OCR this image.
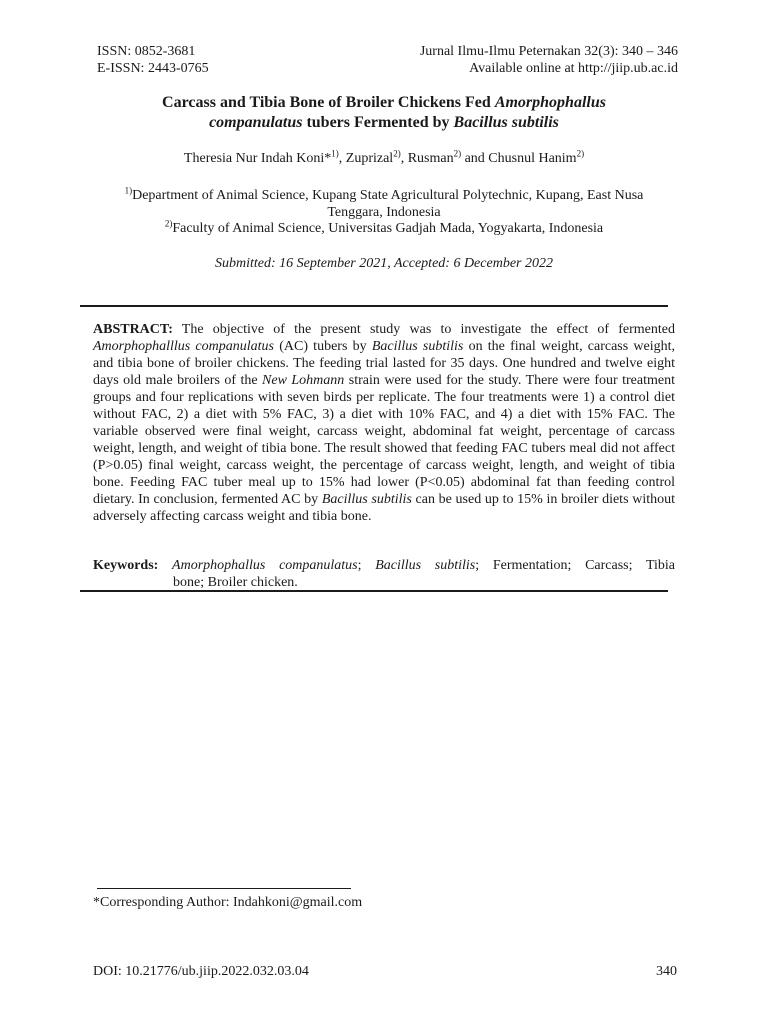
ISSN: 0852-3681
E-ISSN: 2443-0765
Jurnal Ilmu-Ilmu Peternakan 32(3): 340 – 346
Available online at http://jiip.ub.ac.id
Carcass and Tibia Bone of Broiler Chickens Fed Amorphophallus
companulatus tubers Fermented by Bacillus subtilis
Theresia Nur Indah Koni*$^{1)}$, Zuprizal$^{2)}$, Rusman$^{2)}$ and Chusnul Hanim$^{2)}$
$^{1)}$Department of Animal Science, Kupang State Agricultural Polytechnic, Kupang, East Nusa
Tenggara, Indonesia
$^{2)}$Faculty of Animal Science, Universitas Gadjah Mada, Yogyakarta, Indonesia
Submitted: 16 September 2021, Accepted: 6 December 2022
ABSTRACT: The objective of the present study was to investigate the effect of fermented Amorphophalllus companulatus (AC) tubers by Bacillus subtilis on the final weight, carcass weight, and tibia bone of broiler chickens. The feeding trial lasted for 35 days. One hundred and twelve eight days old male broilers of the New Lohmann strain were used for the study. There were four treatment groups and four replications with seven birds per replicate. The four treatments were 1) a control diet without FAC, 2) a diet with 5% FAC, 3) a diet with 10% FAC, and 4) a diet with 15% FAC. The variable observed were final weight, carcass weight, abdominal fat weight, percentage of carcass weight, length, and weight of tibia bone. The result showed that feeding FAC tubers meal did not affect (P>0.05) final weight, carcass weight, the percentage of carcass weight, length, and weight of tibia bone. Feeding FAC tuber meal up to 15% had lower (P<0.05) abdominal fat than feeding control dietary. In conclusion, fermented AC by Bacillus subtilis can be used up to 15% in broiler diets without adversely affecting carcass weight and tibia bone.
Keywords: Amorphophallus companulatus; Bacillus subtilis; Fermentation; Carcass; Tibia
bone; Broiler chicken.
*Corresponding Author: Indahkoni@gmail.com
DOI: 10.21776/ub.jiip.2022.032.03.04	340
